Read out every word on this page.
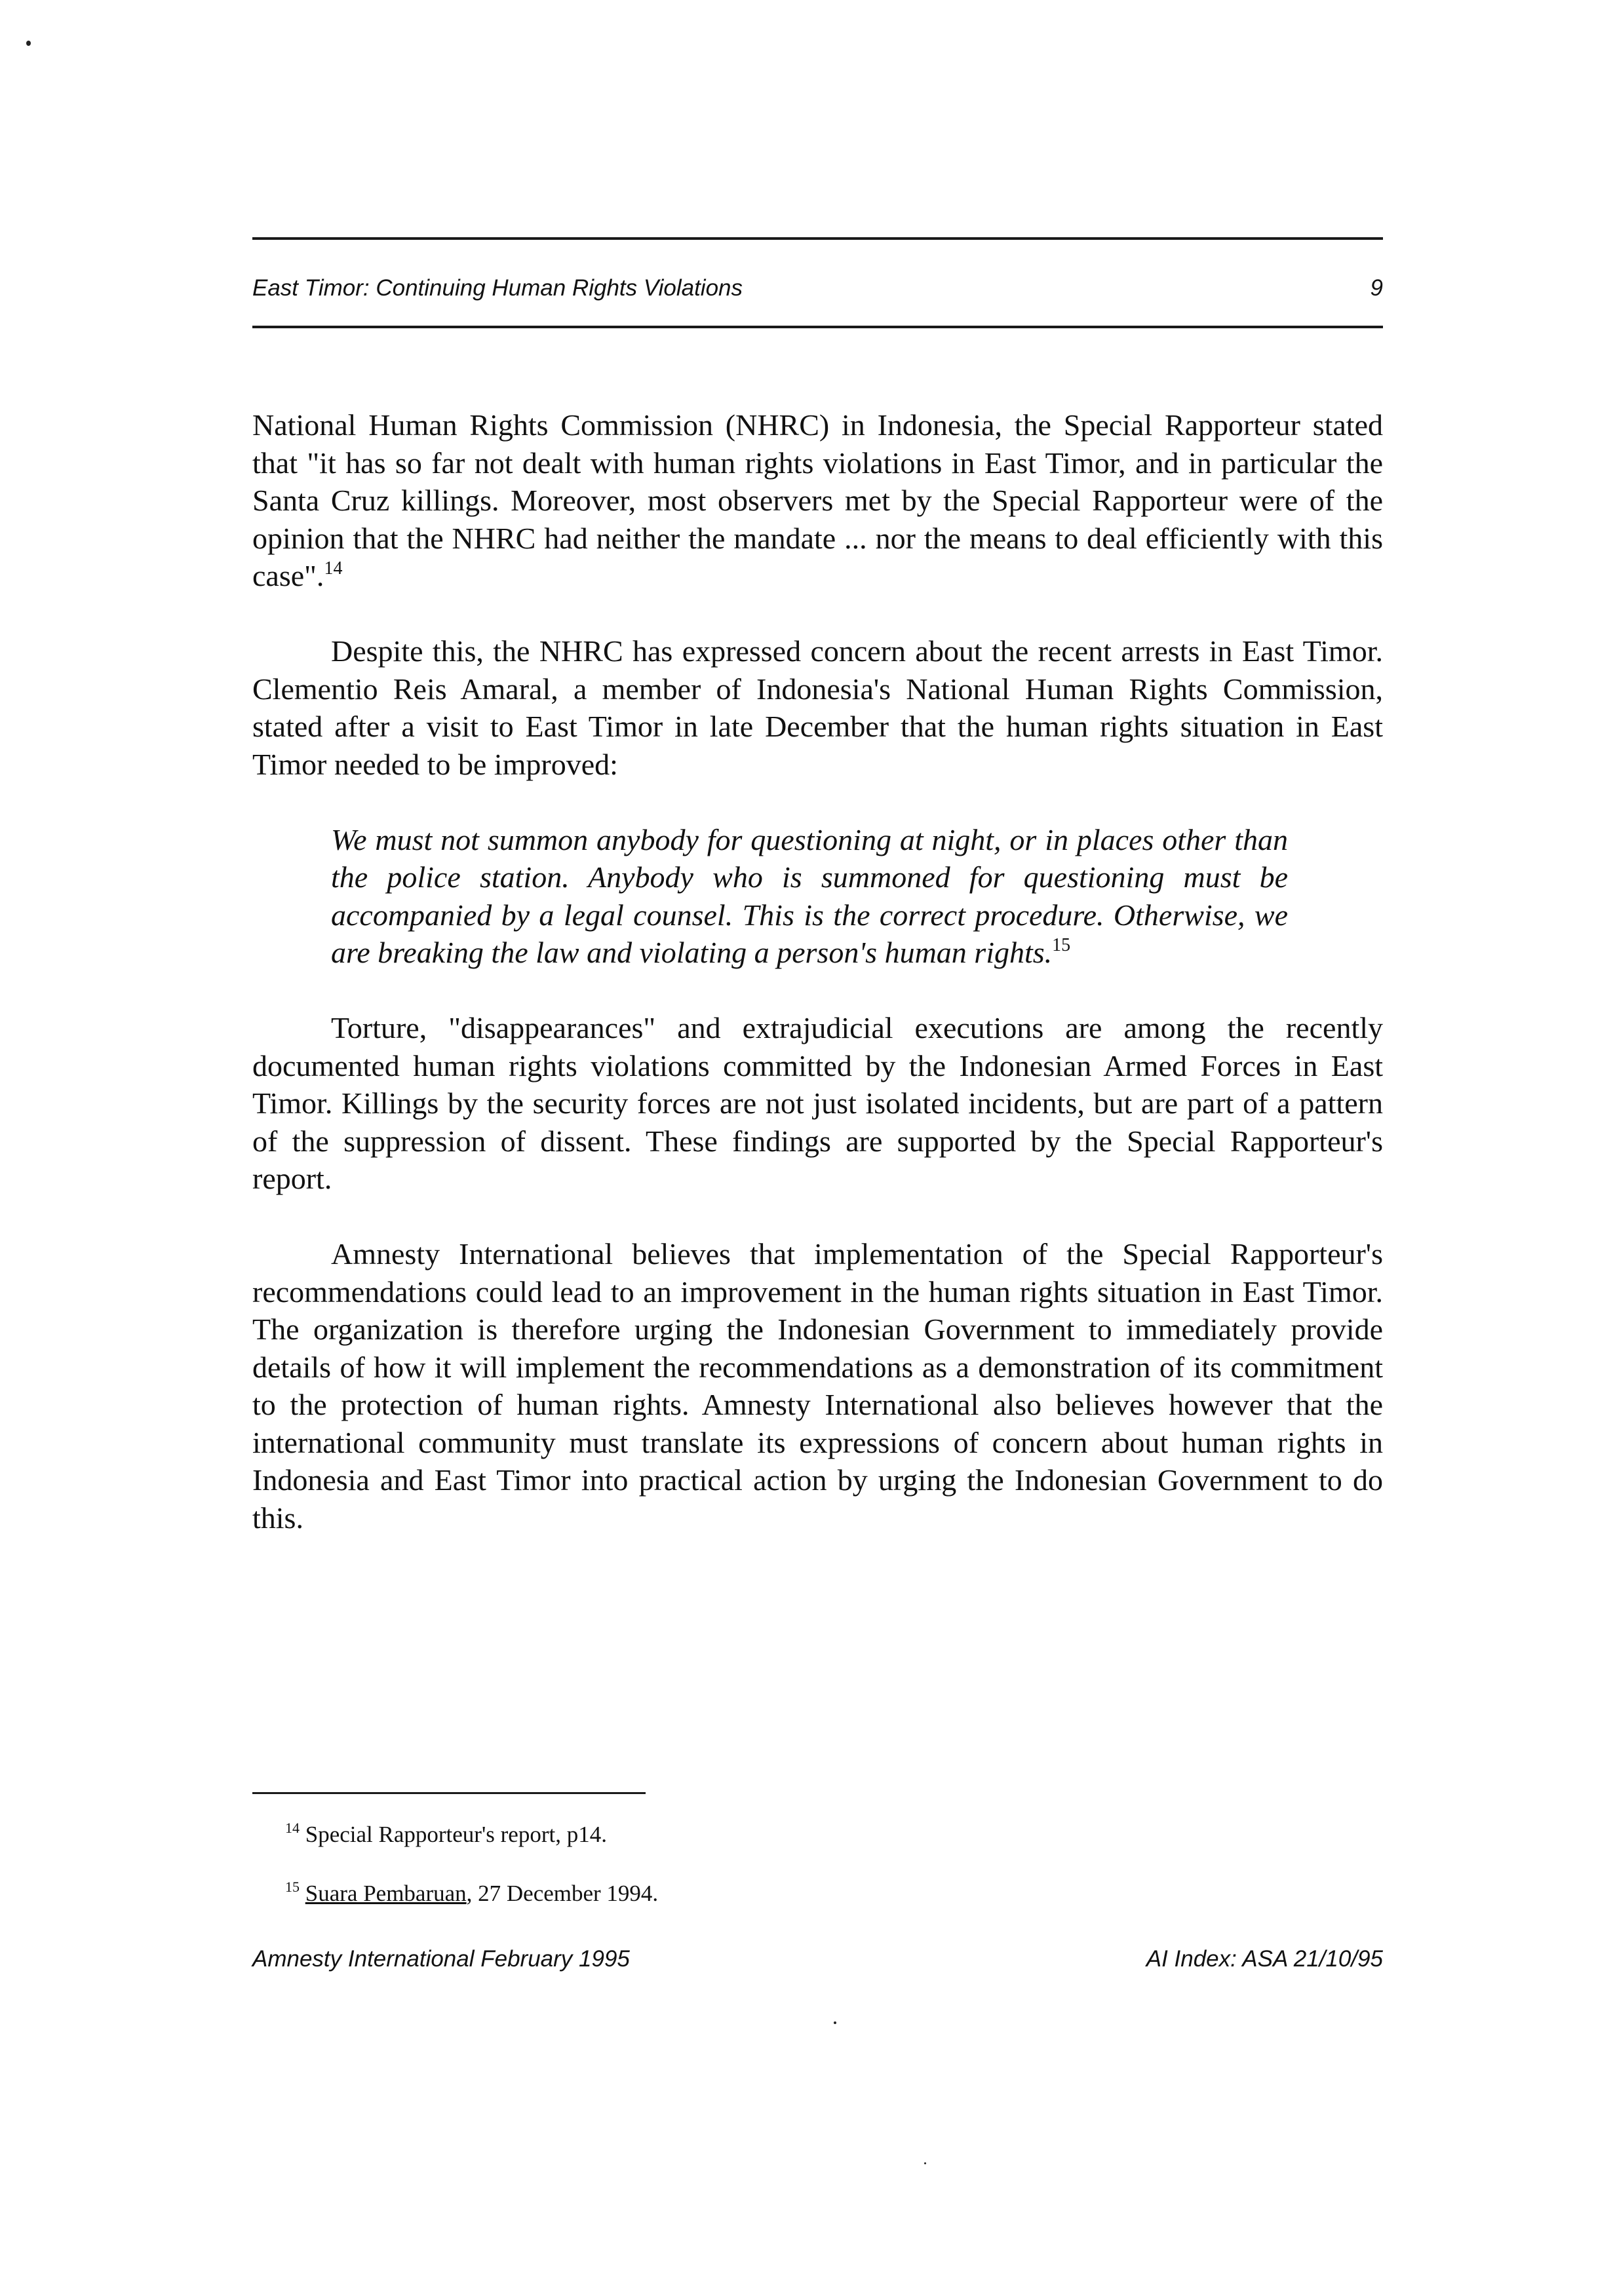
East Timor: Continuing Human Rights Violations	9

National Human Rights Commission (NHRC) in Indonesia, the Special Rapporteur stated that "it has so far not dealt with human rights violations in East Timor, and in particular the Santa Cruz killings. Moreover, most observers met by the Special Rapporteur were of the opinion that the NHRC had neither the mandate ... nor the means to deal efficiently with this case".$^{14}$

Despite this, the NHRC has expressed concern about the recent arrests in East Timor. Clementio Reis Amaral, a member of Indonesia's National Human Rights Commission, stated after a visit to East Timor in late December that the human rights situation in East Timor needed to be improved:

We must not summon anybody for questioning at night, or in places other than the police station. Anybody who is summoned for questioning must be accompanied by a legal counsel. This is the correct procedure. Otherwise, we are breaking the law and violating a person's human rights.$^{15}$

Torture, "disappearances" and extrajudicial executions are among the recently documented human rights violations committed by the Indonesian Armed Forces in East Timor. Killings by the security forces are not just isolated incidents, but are part of a pattern of the suppression of dissent. These findings are supported by the Special Rapporteur's report.

Amnesty International believes that implementation of the Special Rapporteur's recommendations could lead to an improvement in the human rights situation in East Timor. The organization is therefore urging the Indonesian Government to immediately provide details of how it will implement the recommendations as a demonstration of its commitment to the protection of human rights. Amnesty International also believes however that the international community must translate its expressions of concern about human rights in Indonesia and East Timor into practical action by urging the Indonesian Government to do this.

$^{14}$ Special Rapporteur's report, p14.
$^{15}$ Suara Pembaruan, 27 December 1994.
Amnesty International February 1995	AI Index: ASA 21/10/95
